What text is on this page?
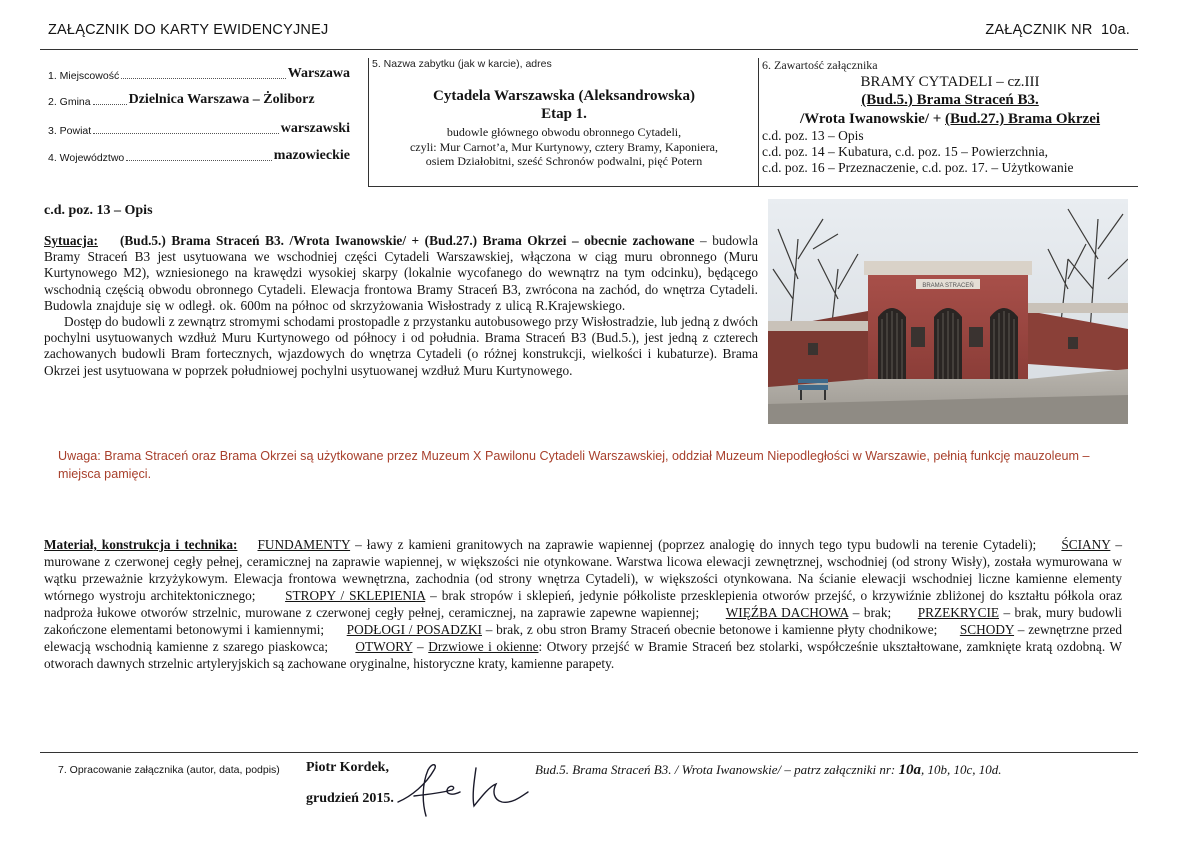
ZAŁĄCZNIK DO KARTY EWIDENCYJNEJ	ZAŁĄCZNIK NR 10a.
1. Miejscowość	Warszawa
2. Gmina	Dzielnica Warszawa – Żoliborz
3. Powiat	warszawski
4. Województwo	mazowieckie
5. Nazwa zabytku (jak w karcie), adres
Cytadela Warszawska (Aleksandrowska)
Etap 1.
budowle głównego obwodu obronnego Cytadeli,
czyli: Mur Carnot’a, Mur Kurtynowy, cztery Bramy, Kaponiera,
osiem Działobitni, sześć Schronów podwalni, pięć Potern
6. Zawartość załącznika
BRAMY CYTADELI – cz.III
(Bud.5.) Brama Straceń B3.
/Wrota Iwanowskie/ + (Bud.27.) Brama Okrzei
c.d. poz. 13 – Opis
c.d. poz. 14 – Kubatura, c.d. poz. 15 – Powierzchnia,
c.d. poz. 16 – Przeznaczenie, c.d. poz. 17. – Użytkowanie
c.d. poz. 13 – Opis

Sytuacja: (Bud.5.) Brama Straceń B3. /Wrota Iwanowskie/ + (Bud.27.) Brama Okrzei – obecnie zachowane – budowla Bramy Straceń B3 jest usytuowana we wschodniej części Cytadeli Warszawskiej, włączona w ciąg muru obronnego (Muru Kurtynowego M2), wzniesionego na krawędzi wysokiej skarpy (lokalnie wycofanego do wewnątrz na tym odcinku), będącego wschodnią częścią obwodu obronnego Cytadeli. Elewacja frontowa Bramy Straceń B3, zwrócona na zachód, do wnętrza Cytadeli. Budowla znajduje się w odległ. ok. 600m na północ od skrzyżowania Wisłostrady z ulicą R.Krajewskiego.

Dostęp do budowli z zewnątrz stromymi schodami prostopadle z przystanku autobusowego przy Wisłostradzie, lub jedną z dwóch pochylni usytuowanych wzdłuż Muru Kurtynowego od północy i od południa. Brama Straceń B3 (Bud.5.), jest jedną z czterech zachowanych budowli Bram fortecznych, wjazdowych do wnętrza Cytadeli (o różnej konstrukcji, wielkości i kubaturze). Brama Okrzei jest usytuowana w poprzek południowej pochylni usytuowanej wzdłuż Muru Kurtynowego.

BRAMA STRACEŃ
Uwaga: Brama Straceń oraz Brama Okrzei są użytkowane przez Muzeum X Pawilonu Cytadeli Warszawskiej, oddział Muzeum Niepodległości w Warszawie, pełnią funkcję mauzoleum – miejsca pamięci.
Materiał, konstrukcja i technika: FUNDAMENTY – ławy z kamieni granitowych na zaprawie wapiennej (poprzez analogię do innych tego typu budowli na terenie Cytadeli); ŚCIANY – murowane z czerwonej cegły pełnej, ceramicznej na zaprawie wapiennej, w większości nie otynkowane. Warstwa licowa elewacji zewnętrznej, wschodniej (od strony Wisły), została wymurowana w wątku przeważnie krzyżykowym. Elewacja frontowa wewnętrzna, zachodnia (od strony wnętrza Cytadeli), w większości otynkowana. Na ścianie elewacji wschodniej liczne kamienne elementy wtórnego wystroju architektonicznego; STROPY / SKLEPIENIA – brak stropów i sklepień, jedynie półkoliste przesklepienia otworów przejść, o krzywiźnie zbliżonej do kształtu półkola oraz nadproża łukowe otworów strzelnic, murowane z czerwonej cegły pełnej, ceramicznej, na zaprawie zapewne wapiennej; WIĘŹBA DACHOWA – brak; PRZEKRYCIE – brak, mury budowli zakończone elementami betonowymi i kamiennymi; PODŁOGI / POSADZKI – brak, z obu stron Bramy Straceń obecnie betonowe i kamienne płyty chodnikowe; SCHODY – zewnętrzne przed elewacją wschodnią kamienne z szarego piaskowca; OTWORY – Drzwiowe i okienne: Otwory przejść w Bramie Straceń bez stolarki, współcześnie ukształtowane, zamknięte kratą ozdobną. W otworach dawnych strzelnic artyleryjskich są zachowane oryginalne, historyczne kraty, kamienne parapety.
7. Opracowanie załącznika (autor, data, podpis) Piotr Kordek,
grudzień 2015.
Bud.5. Brama Straceń B3. / Wrota Iwanowskie/ – patrz załączniki nr: 10a, 10b, 10c, 10d.
